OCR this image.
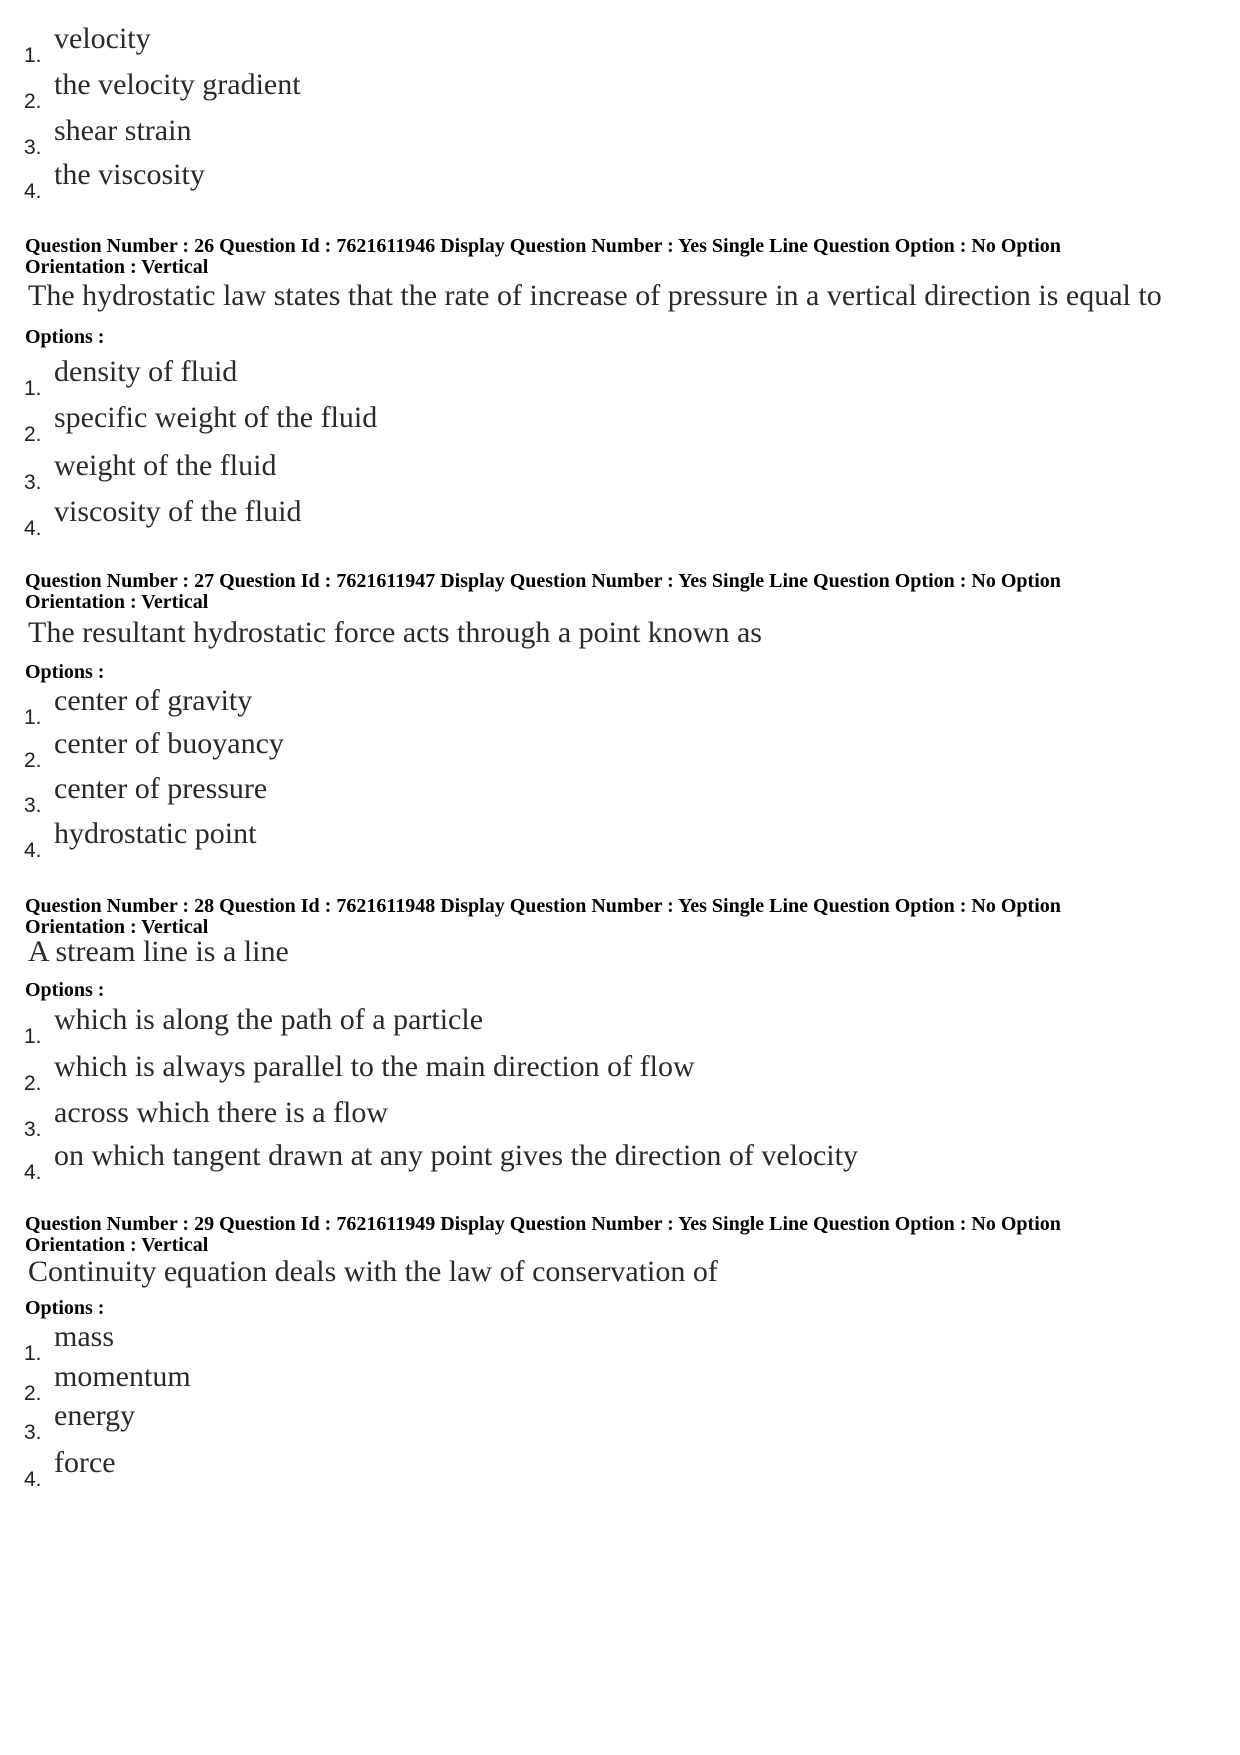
1.
velocity
2.
the velocity gradient
3.
shear strain
4.
the viscosity
Question Number : 26 Question Id : 7621611946 Display Question Number : Yes Single Line Question Option : No Option
Orientation : Vertical
The hydrostatic law states that the rate of increase of pressure in a vertical direction is equal to
Options :
1.
density of fluid
2.
specific weight of the fluid
3.
weight of the fluid
4.
viscosity of the fluid
Question Number : 27 Question Id : 7621611947 Display Question Number : Yes Single Line Question Option : No Option
Orientation : Vertical
The resultant hydrostatic force acts through a point known as
Options :
1.
center of gravity
2.
center of buoyancy
3.
center of pressure
4.
hydrostatic point
Question Number : 28 Question Id : 7621611948 Display Question Number : Yes Single Line Question Option : No Option
Orientation : Vertical
A stream line is a line
Options :
1.
which is along the path of a particle
2.
which is always parallel to the main direction of flow
3.
across which there is a flow
4.
on which tangent drawn at any point gives the direction of velocity
Question Number : 29 Question Id : 7621611949 Display Question Number : Yes Single Line Question Option : No Option
Orientation : Vertical
Continuity equation deals with the law of conservation of
Options :
1.
mass
2.
momentum
3.
energy
4.
force
